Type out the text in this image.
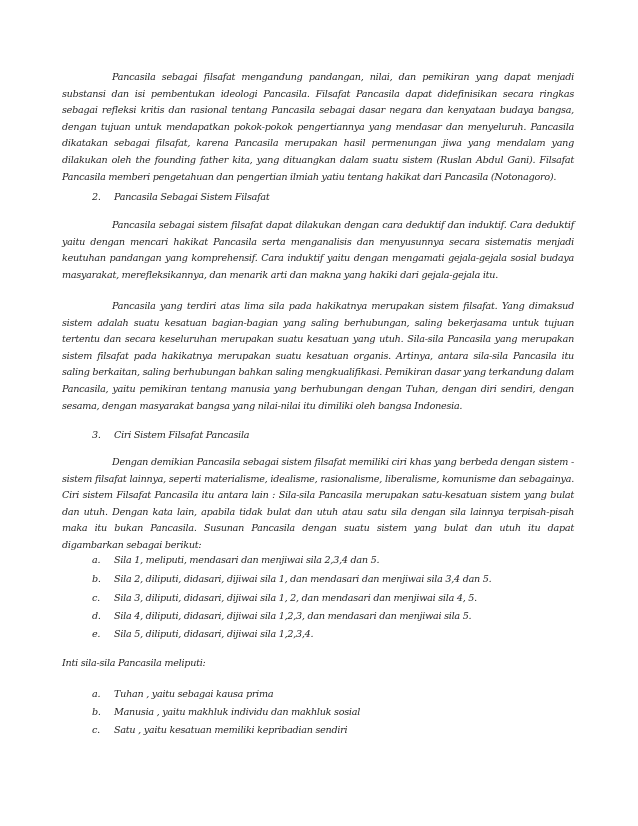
Pancasila sebagai filsafat mengandung pandangan, nilai, dan pemikiran yang dapat menjadi substansi dan isi pembentukan ideologi Pancasila. Filsafat Pancasila dapat didefinisikan secara ringkas sebagai refleksi kritis dan rasional tentang Pancasila sebagai dasar negara dan kenyataan budaya bangsa, dengan tujuan untuk mendapatkan pokok-pokok pengertiannya yang mendasar dan menyeluruh. Pancasila dikatakan sebagai filsafat, karena Pancasila merupakan hasil permenungan jiwa yang mendalam yang dilakukan oleh the founding father kita, yang dituangkan dalam suatu sistem (Ruslan Abdul Gani). Filsafat Pancasila memberi pengetahuan dan pengertian ilmiah yatiu tentang hakikat dari Pancasila (Notonagoro).

2. Pancasila Sebagai Sistem Filsafat

Pancasila sebagai sistem filsafat dapat dilakukan dengan cara deduktif dan induktif. Cara deduktif yaitu dengan mencari hakikat Pancasila serta menganalisis dan menyusunnya secara sistematis menjadi keutuhan pandangan yang komprehensif. Cara induktif yaitu dengan mengamati gejala-gejala sosial budaya masyarakat, merefleksikannya, dan menarik arti dan makna yang hakiki dari gejala-gejala itu.

Pancasila yang terdiri atas lima sila pada hakikatnya merupakan sistem filsafat. Yang dimaksud sistem adalah suatu kesatuan bagian-bagian yang saling berhubungan, saling bekerjasama untuk tujuan tertentu dan secara keseluruhan merupakan suatu kesatuan yang utuh. Sila-sila Pancasila yang merupakan sistem filsafat pada hakikatnya merupakan suatu kesatuan organis. Artinya, antara sila-sila Pancasila itu saling berkaitan, saling berhubungan bahkan saling mengkualifikasi. Pemikiran dasar yang terkandung dalam Pancasila, yaitu pemikiran tentang manusia yang berhubungan dengan Tuhan, dengan diri sendiri, dengan sesama, dengan masyarakat bangsa yang nilai-nilai itu dimiliki oleh bangsa Indonesia.

3. Ciri Sistem Filsafat Pancasila

Dengan demikian Pancasila sebagai sistem filsafat memiliki ciri khas yang berbeda dengan sistem -sistem filsafat lainnya, seperti materialisme, idealisme, rasionalisme, liberalisme, komunisme dan sebagainya. Ciri sistem Filsafat Pancasila itu antara lain : Sila-sila Pancasila merupakan satu-kesatuan sistem yang bulat dan utuh. Dengan kata lain, apabila tidak bulat dan utuh atau satu sila dengan sila lainnya terpisah-pisah maka itu bukan Pancasila. Susunan Pancasila dengan suatu sistem yang bulat dan utuh itu dapat digambarkan sebagai berikut:

a. Sila 1, meliputi, mendasari dan menjiwai sila 2,3,4 dan 5.

b. Sila 2, diliputi, didasari, dijiwai sila 1, dan mendasari dan menjiwai sila 3,4 dan 5.

c. Sila 3, diliputi, didasari, dijiwai sila 1, 2, dan mendasari dan menjiwai sila 4, 5.

d. Sila 4, diliputi, didasari, dijiwai sila 1,2,3, dan mendasari dan menjiwai sila 5.

e. Sila 5, diliputi, didasari, dijiwai sila 1,2,3,4.

Inti sila-sila Pancasila meliputi:

a. Tuhan , yaitu sebagai kausa prima

b. Manusia , yaitu makhluk individu dan makhluk sosial

c. Satu , yaitu kesatuan memiliki kepribadian sendiri
